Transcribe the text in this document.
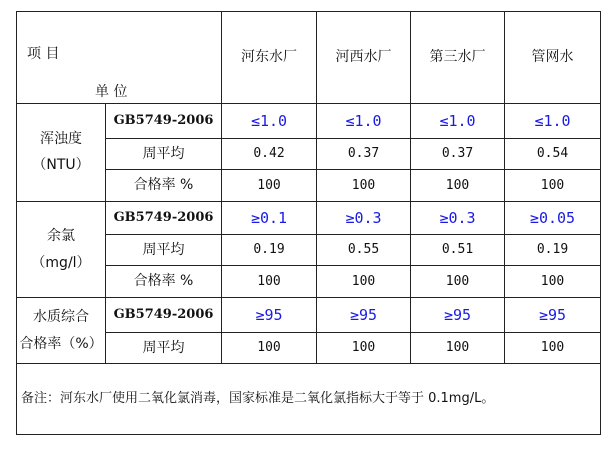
项 目
单 位		河东水厂	河西水厂	第三水厂	管网水
浑浊度
（NTU）	GB5749-2006	≤1.0	≤1.0	≤1.0	≤1.0
	周平均	0.42	0.37	0.37	0.54
	合格率 %	100	100	100	100
余氯
（mg/l）	GB5749-2006	≥0.1	≥0.3	≥0.3	≥0.05
	周平均	0.19	0.55	0.51	0.19
	合格率 %	100	100	100	100
水质综合
合格率（%）	GB5749-2006	≥95	≥95	≥95	≥95
	周平均	100	100	100	100
备注：河东水厂使用二氧化氯消毒，国家标准是二氧化氯指标大于等于 0.1mg/L。					
